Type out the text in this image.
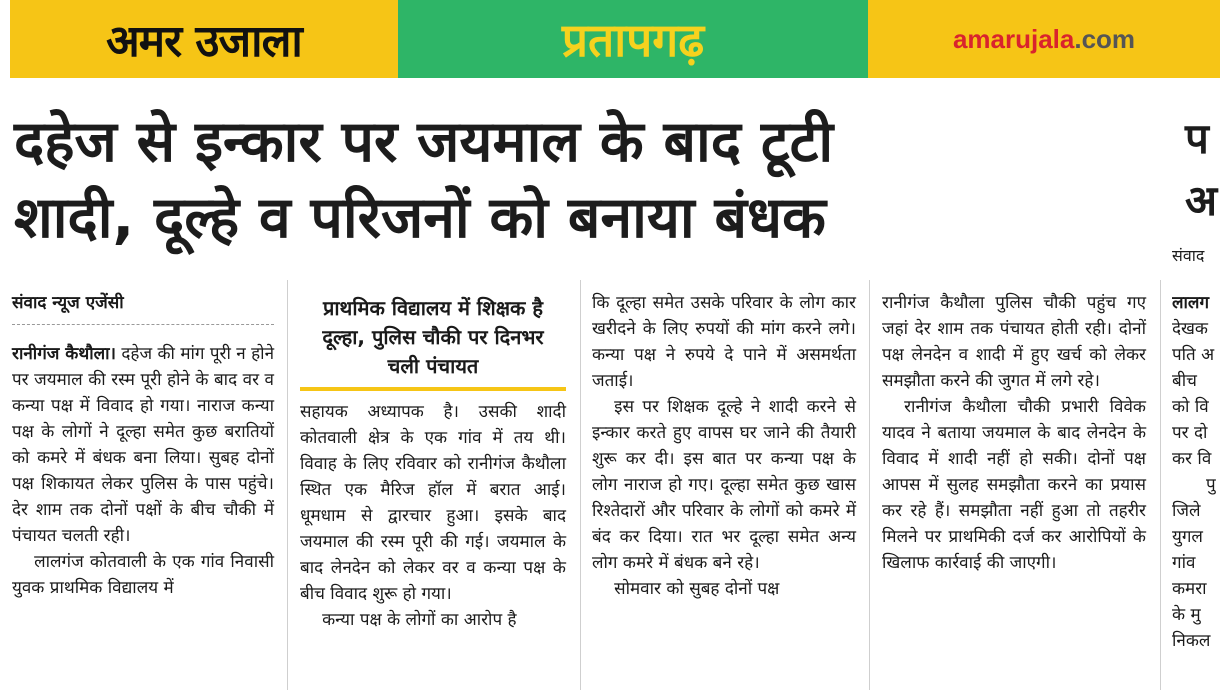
अमर उजाला	प्रतापगढ़	amarujala.com
दहेज से इन्कार पर जयमाल के बाद टूटी
शादी, दूल्हे व परिजनों को बनाया बंधक
प
अ
संवाद
संवाद न्यूज एजेंसी

रानीगंज कैथौला। दहेज की मांग पूरी न होने पर जयमाल की रस्म पूरी होने के बाद वर व कन्या पक्ष में विवाद हो गया। नाराज कन्या पक्ष के लोगों ने दूल्हा समेत कुछ बरातियों को कमरे में बंधक बना लिया। सुबह दोनों पक्ष शिकायत लेकर पुलिस के पास पहुंचे। देर शाम तक दोनों पक्षों के बीच चौकी में पंचायत चलती रही।

लालगंज कोतवाली के एक गांव निवासी युवक प्राथमिक विद्यालय में

प्राथमिक विद्यालय में शिक्षक है दूल्हा, पुलिस चौकी पर दिनभर चली पंचायत

सहायक अध्यापक है। उसकी शादी कोतवाली क्षेत्र के एक गांव में तय थी। विवाह के लिए रविवार को रानीगंज कैथौला स्थित एक मैरिज हॉल में बरात आई। धूमधाम से द्वारचार हुआ। इसके बाद जयमाल की रस्म पूरी की गई। जयमाल के बाद लेनदेन को लेकर वर व कन्या पक्ष के बीच विवाद शुरू हो गया।

कन्या पक्ष के लोगों का आरोप है

कि दूल्हा समेत उसके परिवार के लोग कार खरीदने के लिए रुपयों की मांग करने लगे। कन्या पक्ष ने रुपये दे पाने में असमर्थता जताई।

इस पर शिक्षक दूल्हे ने शादी करने से इन्कार करते हुए वापस घर जाने की तैयारी शुरू कर दी। इस बात पर कन्या पक्ष के लोग नाराज हो गए। दूल्हा समेत कुछ खास रिश्तेदारों और परिवार के लोगों को कमरे में बंद कर दिया। रात भर दूल्हा समेत अन्य लोग कमरे में बंधक बने रहे।

सोमवार को सुबह दोनों पक्ष

रानीगंज कैथौला पुलिस चौकी पहुंच गए जहां देर शाम तक पंचायत होती रही। दोनों पक्ष लेनदेन व शादी में हुए खर्च को लेकर समझौता करने की जुगत में लगे रहे।

रानीगंज कैथौला चौकी प्रभारी विवेक यादव ने बताया जयमाल के बाद लेनदेन के विवाद में शादी नहीं हो सकी। दोनों पक्ष आपस में सुलह समझौता करने का प्रयास कर रहे हैं। समझौता नहीं हुआ तो तहरीर मिलने पर प्राथमिकी दर्ज कर आरोपियों के खिलाफ कार्रवाई की जाएगी।

लालग

देखक

पति अ

बीच

को वि

पर दो

कर वि

पु

जिले

युगल

गांव

कमरा

के मु

निकल
